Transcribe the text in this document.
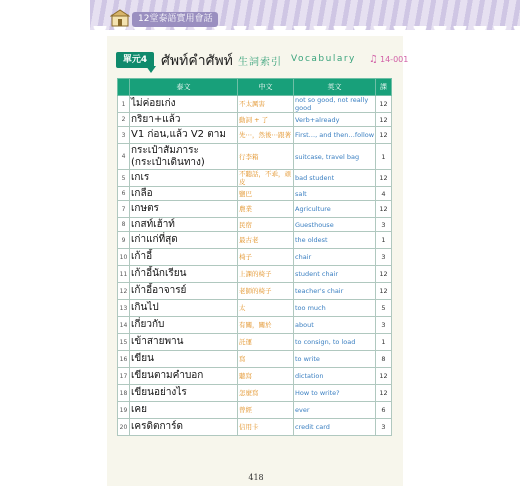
12堂泰語實用會話
單元4 ศัพท์คำศัพท์ 生詞索引 Vocabulary ♫ 14-001
	泰文	中文	英文	課
1	ไม่ค่อยเก่ง	不太厲害	not so good, not really good	12
2	กริยา+แล้ว	動詞 + 了	Verb+already	12
3	V1 ก่อน,แล้ว V2 ตาม	先⋯，然後⋯跟著	First…, and then…follow	12
4	กระเป๋าสัมภาระ (กระเป๋าเดินทาง)	行李箱	suitcase, travel bag	1
5	เกเร	不聽話，不乖，頑皮	bad student	12
6	เกลือ	鹽巴	salt	4
7	เกษตร	農業	Agriculture	12
8	เกสท์เฮ้าท์	民宿	Guesthouse	3
9	เก่าแก่ที่สุด	最古老	the oldest	1
10	เก้าอี้	椅子	chair	3
11	เก้าอี้นักเรียน	上課的椅子	student chair	12
12	เก้าอี้อาจารย์	老師的椅子	teacher's chair	12
13	เกินไป	太	too much	5
14	เกี่ยวกับ	有關，關於	about	3
15	เข้าสายพาน	託運	to consign, to load	1
16	เขียน	寫	to write	8
17	เขียนตามคำบอก	聽寫	dictation	12
18	เขียนอย่างไร	怎麼寫	How to write?	12
19	เคย	曾經	ever	6
20	เครดิตการ์ด	信用卡	credit card	3
418
